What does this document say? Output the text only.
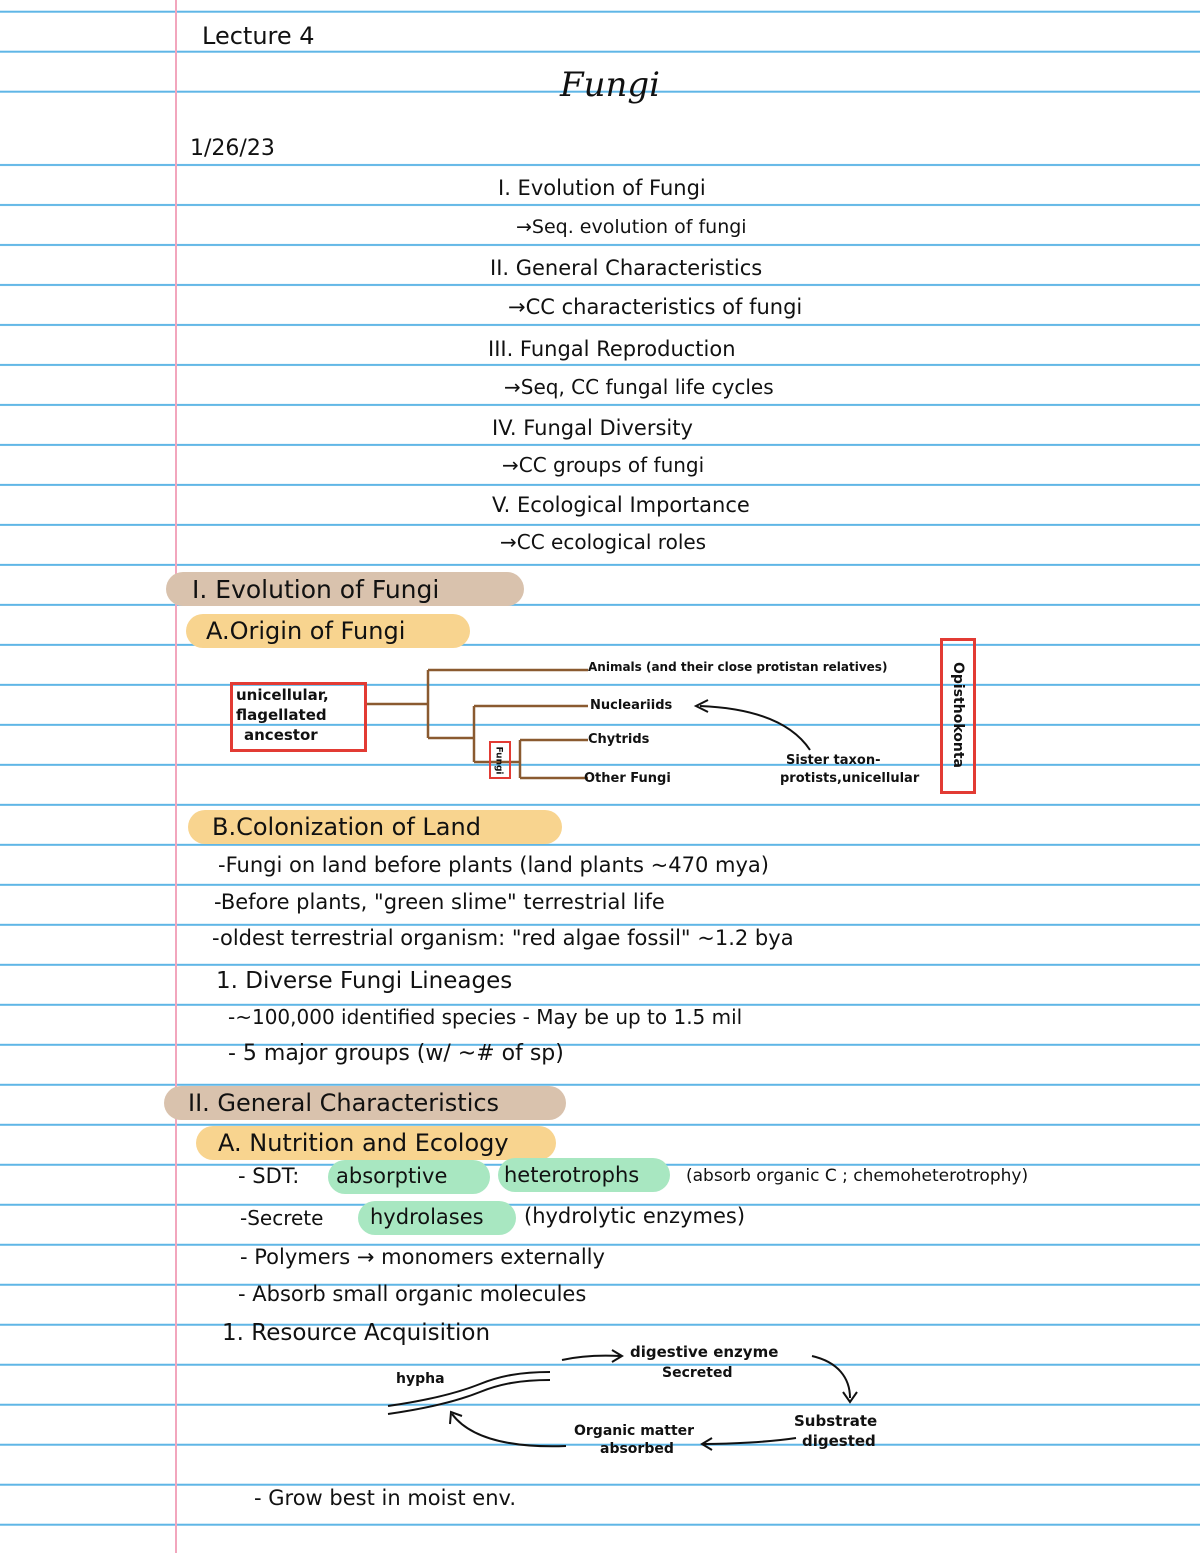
Lecture 4
Fungi
1/26/23
I. Evolution of Fungi
→Seq. evolution of fungi
II. General Characteristics
→CC characteristics of fungi
III. Fungal Reproduction
→Seq, CC fungal life cycles
IV. Fungal Diversity
→CC groups of fungi
V. Ecological Importance
→CC ecological roles
I. Evolution of Fungi
A.Origin of Fungi
unicellular,
flagellated
ancestor
Animals (and their close protistan relatives)
Nucleariids
Chytrids
Other Fungi
Fungi	Sister taxon-
protists,unicellular
Opisthokonta
B.Colonization of Land
-Fungi on land before plants (land plants ~470 mya)
-Before plants, "green slime" terrestrial life
-oldest terrestrial organism: "red algae fossil" ~1.2 bya
1. Diverse Fungi Lineages
-~100,000 identified species - May be up to 1.5 mil
- 5 major groups (w/ ~# of sp)
II. General Characteristics
A. Nutrition and Ecology
- SDT: absorptive	heterotrophs	(absorb organic C ; chemoheterotrophy)
-Secrete hydrolases (hydrolytic enzymes)
- Polymers → monomers externally
- Absorb small organic molecules
1. Resource Acquisition
hypha
digestive enzyme
Secreted
Substrate
digested
Organic matter
absorbed
- Grow best in moist env.
